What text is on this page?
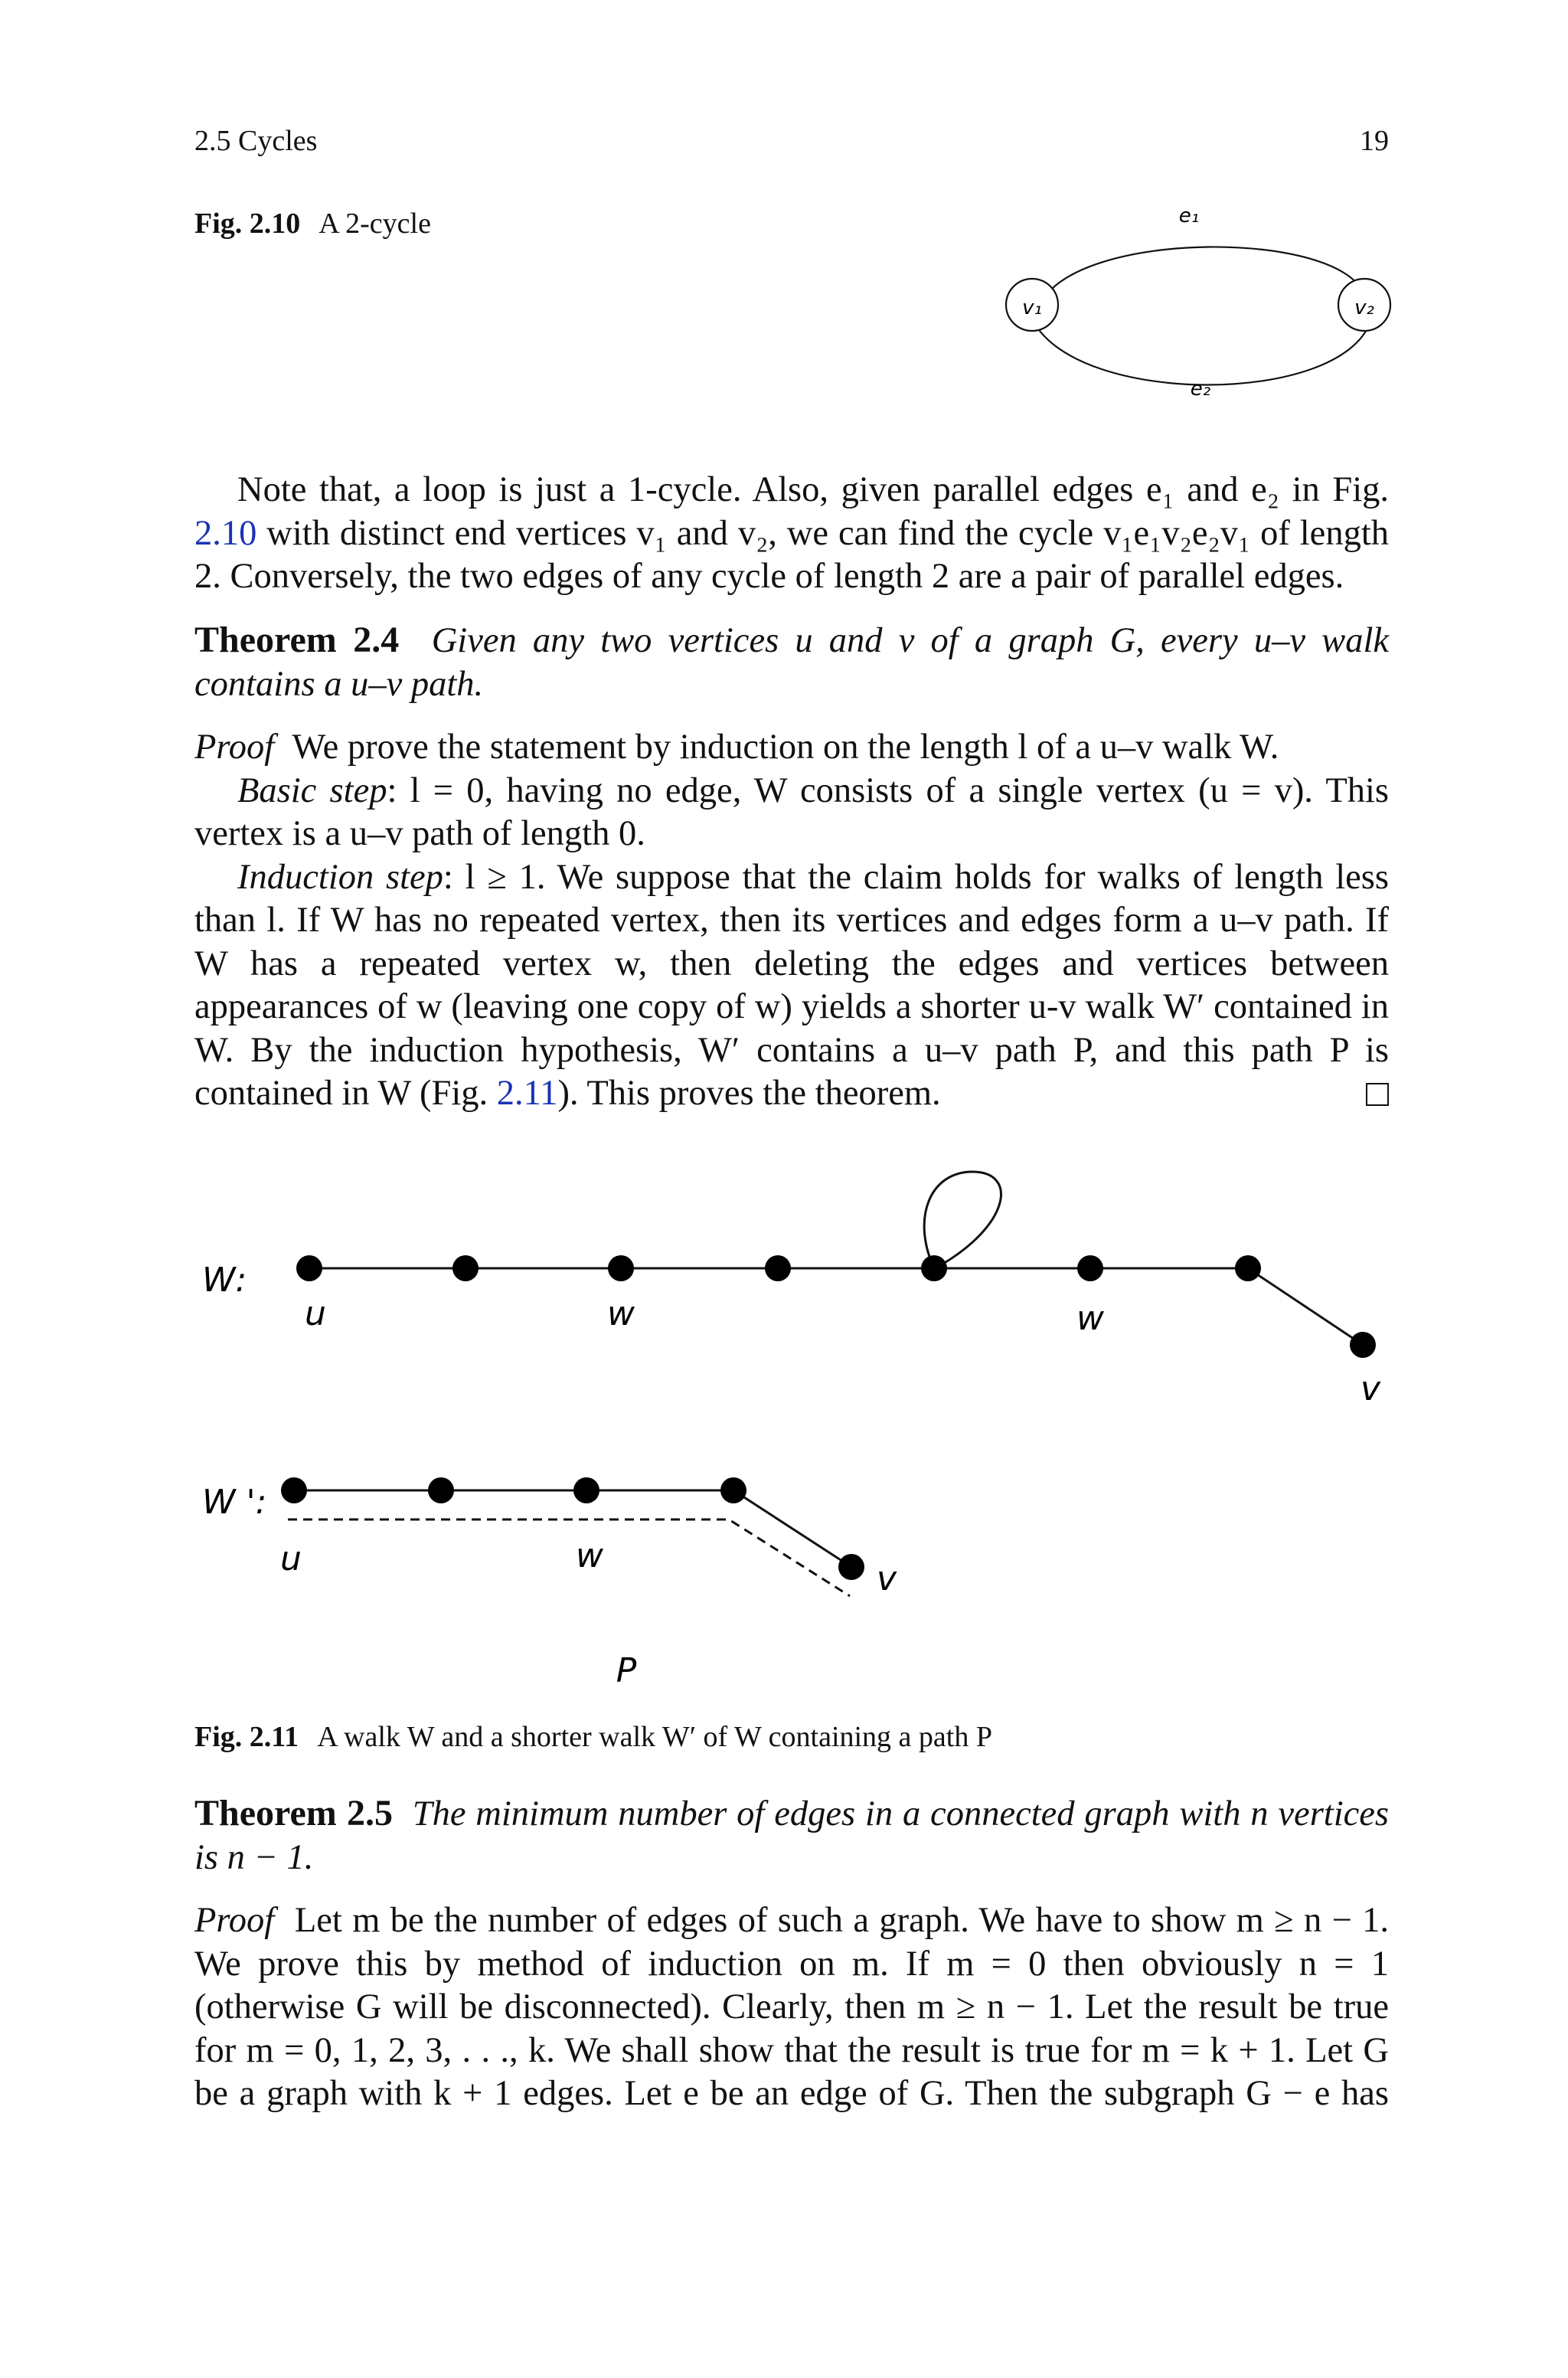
2.5 Cycles	19
Fig. 2.10 A 2-cycle
v₁	v₂
e₁
e₂

Note that, a loop is just a 1-cycle. Also, given parallel edges e₁ and e₂ in Fig. 2.10 with distinct end vertices v₁ and v₂, we can find the cycle v₁e₁v₂e₂v₁ of length 2. Conversely, the two edges of any cycle of length 2 are a pair of parallel edges.

Theorem 2.4 Given any two vertices u and v of a graph G, every u–v walk contains a u–v path.

Proof We prove the statement by induction on the length l of a u–v walk W.

Basic step: l = 0, having no edge, W consists of a single vertex (u = v). This vertex is a u–v path of length 0.

Induction step: l ≥ 1. We suppose that the claim holds for walks of length less than l. If W has no repeated vertex, then its vertices and edges form a u–v path. If W has a repeated vertex w, then deleting the edges and vertices between appearances of w (leaving one copy of w) yields a shorter u-v walk W′ contained in W. By the induction hypothesis, W′ contains a u–v path P, and this path P is contained in W (Fig. 2.11). This proves the theorem.

W:
u	w	w
v
W ':
u	w
v
P
Fig. 2.11 A walk W and a shorter walk W′ of W containing a path P

Theorem 2.5 The minimum number of edges in a connected graph with n vertices is n − 1.

Proof Let m be the number of edges of such a graph. We have to show m ≥ n − 1. We prove this by method of induction on m. If m = 0 then obviously n = 1 (otherwise G will be disconnected). Clearly, then m ≥ n − 1. Let the result be true for m = 0, 1, 2, 3, . . ., k. We shall show that the result is true for m = k + 1. Let G be a graph with k + 1 edges. Let e be an edge of G. Then the subgraph G − e has
